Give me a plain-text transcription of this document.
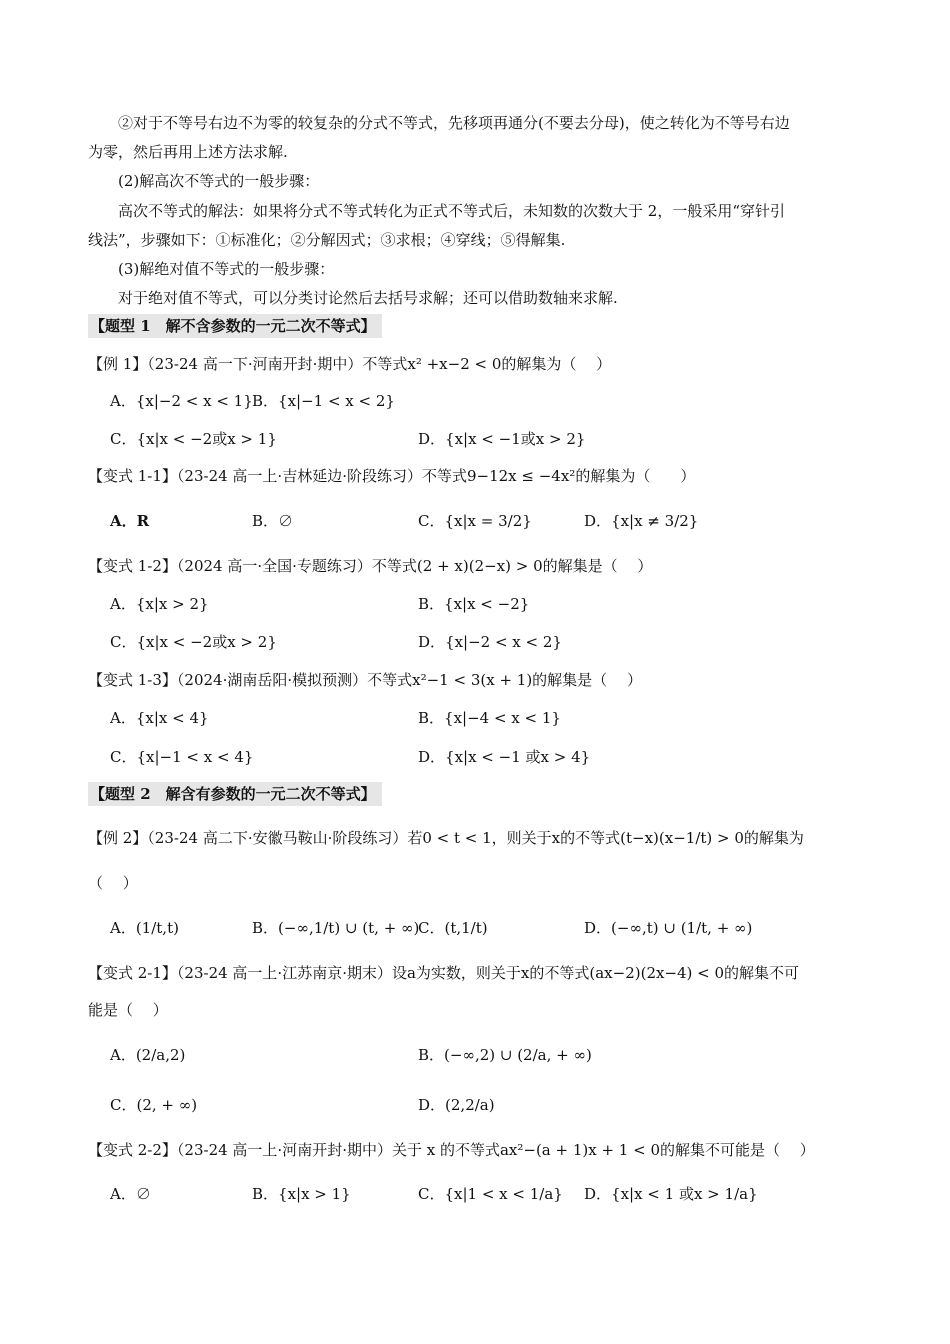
②对于不等号右边不为零的较复杂的分式不等式，先移项再通分(不要去分母)，使之转化为不等号右边
为零，然后再用上述方法求解.
(2)解高次不等式的一般步骤：
高次不等式的解法：如果将分式不等式转化为正式不等式后，未知数的次数大于 2，一般采用“穿针引
线法”，步骤如下：①标准化；②分解因式；③求根；④穿线；⑤得解集.
(3)解绝对值不等式的一般步骤：
对于绝对值不等式，可以分类讨论然后去括号求解；还可以借助数轴来求解.
【题型 1　解不含参数的一元二次不等式】
【例 1】（23-24 高一下·河南开封·期中）不等式x² +x−2 < 0的解集为（　 ）
A．{x|−2 < x < 1} B．{x|−1 < x < 2}
C．{x|x < −2或x > 1}	D．{x|x < −1或x > 2}
【变式 1-1】（23-24 高一上·吉林延边·阶段练习）不等式9−12x ≤ −4x²的解集为（　　）
A．R	B．∅	C．{x|x = 3/2}	D．{x|x ≠ 3/2}
【变式 1-2】（2024 高一·全国·专题练习）不等式(2 + x)(2−x) > 0的解集是（　 ）
A．{x|x > 2}	B．{x|x < −2}
C．{x|x < −2或x > 2}	D．{x|−2 < x < 2}
【变式 1-3】（2024·湖南岳阳·模拟预测）不等式x²−1 < 3(x + 1)的解集是（　 ）
A．{x|x < 4}	B．{x|−4 < x < 1}
C．{x|−1 < x < 4}	D．{x|x < −1 或x > 4}
【题型 2　解含有参数的一元二次不等式】
【例 2】（23-24 高二下·安徽马鞍山·阶段练习）若0 < t < 1，则关于x的不等式(t−x)(x−1/t) > 0的解集为
（　 ）
A．(1/t,t)	B．(−∞,1/t) ∪ (t, + ∞)
C．(t,1/t)	D．(−∞,t) ∪ (1/t, + ∞)
【变式 2-1】（23-24 高一上·江苏南京·期末）设a为实数，则关于x的不等式(ax−2)(2x−4) < 0的解集不可
能是（　 ）
A．(2/a,2)	B．(−∞,2) ∪ (2/a, + ∞)
C．(2, + ∞)	D．(2,2/a)
【变式 2-2】（23-24 高一上·河南开封·期中）关于 x 的不等式ax²−(a + 1)x + 1 < 0的解集不可能是（　 ）
A．∅	B．{x|x > 1}	C．{x|1 < x < 1/a} D．{x|x < 1 或x > 1/a}
